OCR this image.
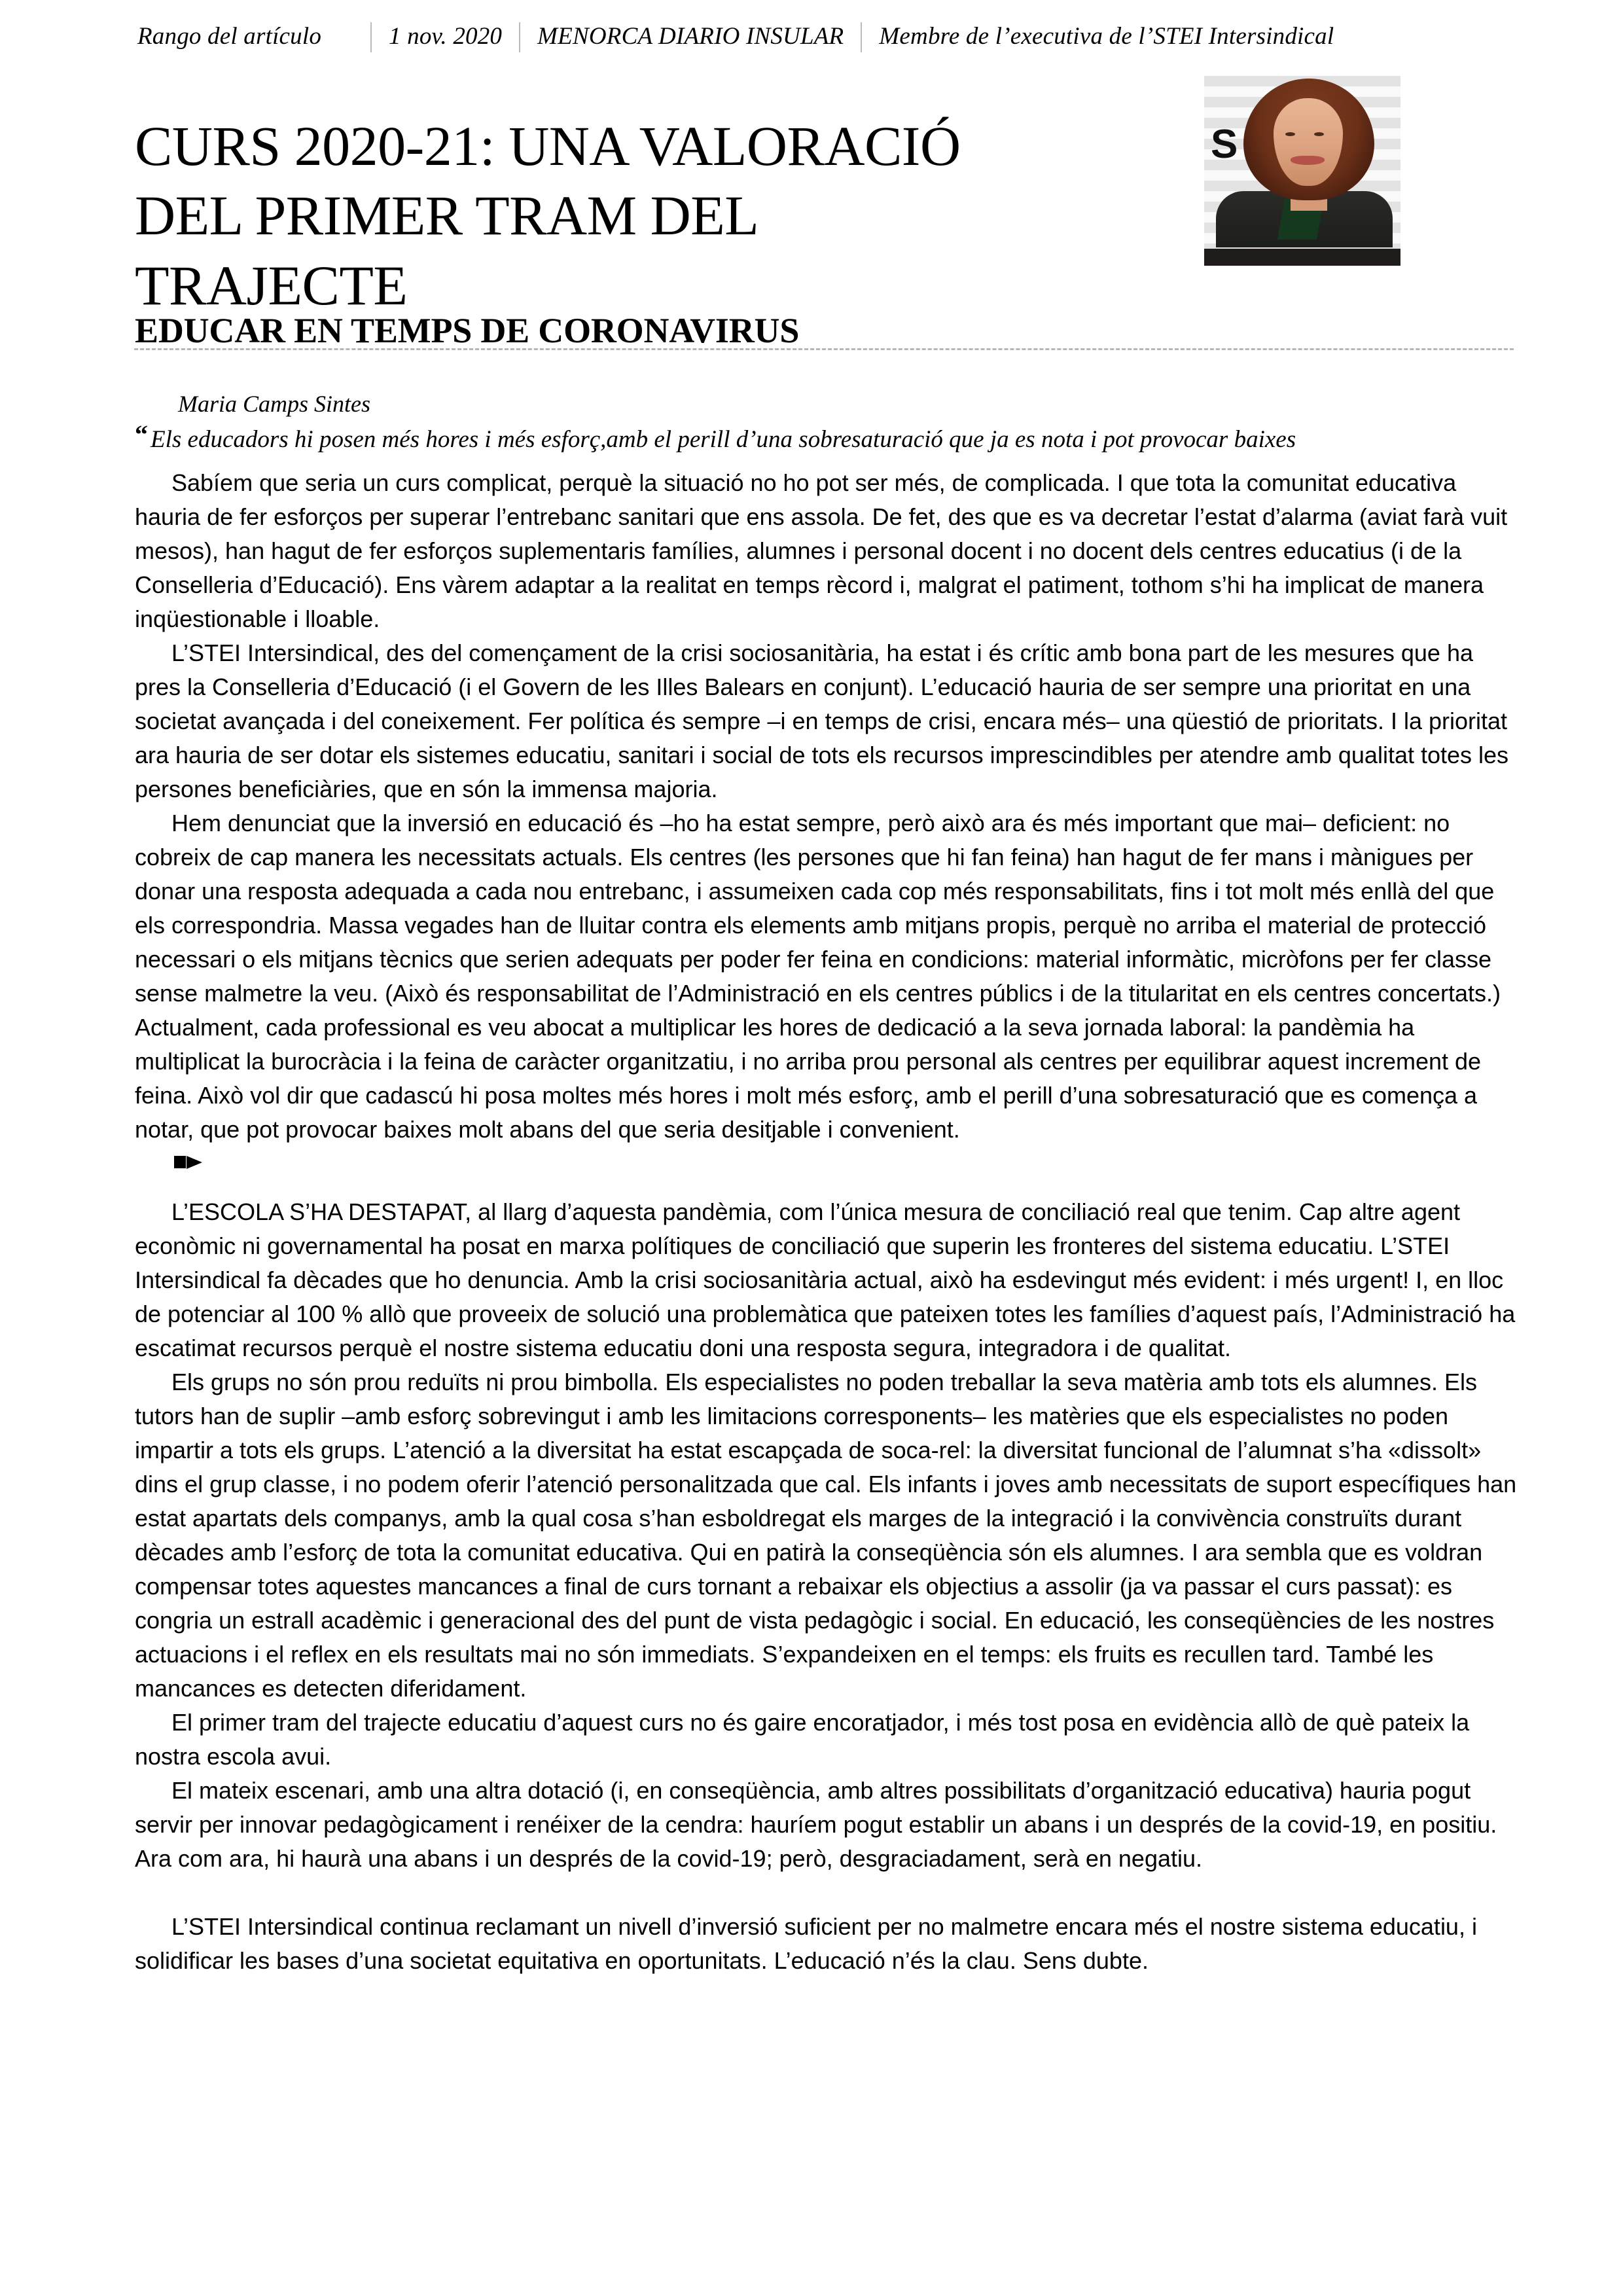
Rango del artículo	1 nov. 2020	MENORCA DIARIO INSULAR	Membre de l’executiva de l’STEI Intersindical
CURS 2020-21: UNA VALORACIÓ
DEL PRIMER TRAM DEL
TRAJECTE
S
EDUCAR EN TEMPS DE CORONAVIRUS
Maria Camps Sintes
“ Els educadors hi posen més hores i més esforç,amb el perill d’una sobresaturació que ja es nota i pot provocar baixes

Sabíem que seria un curs complicat, perquè la situació no ho pot ser més, de complicada. I que tota la comunitat educativa hauria de fer esforços per superar l’entrebanc sanitari que ens assola. De fet, des que es va decretar l’estat d’alarma (aviat farà vuit mesos), han hagut de fer esforços suplementaris famílies, alumnes i personal docent i no docent dels centres educatius (i de la Conselleria d’Educació). Ens vàrem adaptar a la realitat en temps rècord i, malgrat el patiment, tothom s’hi ha implicat de manera inqüestionable i lloable.

L’STEI Intersindical, des del començament de la crisi sociosanitària, ha estat i és crític amb bona part de les mesures que ha pres la Conselleria d’Educació (i el Govern de les Illes Balears en conjunt). L’educació hauria de ser sempre una prioritat en una societat avançada i del coneixement. Fer política és sempre –i en temps de crisi, encara més– una qüestió de prioritats. I la prioritat ara hauria de ser dotar els sistemes educatiu, sanitari i social de tots els recursos imprescindibles per atendre amb qualitat totes les persones beneficiàries, que en són la immensa majoria.

Hem denunciat que la inversió en educació és –ho ha estat sempre, però això ara és més important que mai– deficient: no cobreix de cap manera les necessitats actuals. Els centres (les persones que hi fan feina) han hagut de fer mans i mànigues per donar una resposta adequada a cada nou entrebanc, i assumeixen cada cop més responsabilitats, fins i tot molt més enllà del que els correspondria. Massa vegades han de lluitar contra els elements amb mitjans propis, perquè no arriba el material de protecció necessari o els mitjans tècnics que serien adequats per poder fer feina en condicions: material informàtic, micròfons per fer classe sense malmetre la veu. (Això és responsabilitat de l’Administració en els centres públics i de la titularitat en els centres concertats.) Actualment, cada professional es veu abocat a multiplicar les hores de dedicació a la seva jornada laboral: la pandèmia ha multiplicat la burocràcia i la feina de caràcter organitzatiu, i no arriba prou personal als centres per equilibrar aquest increment de feina. Això vol dir que cadascú hi posa moltes més hores i molt més esforç, amb el perill d’una sobresaturació que es comença a notar, que pot provocar baixes molt abans del que seria desitjable i convenient.

L’ESCOLA S’HA DESTAPAT, al llarg d’aquesta pandèmia, com l’única mesura de conciliació real que tenim. Cap altre agent econòmic ni governamental ha posat en marxa polítiques de conciliació que superin les fronteres del sistema educatiu. L’STEI Intersindical fa dècades que ho denuncia. Amb la crisi sociosanitària actual, això ha esdevingut més evident: i més urgent! I, en lloc de potenciar al 100 % allò que proveeix de solució una problemàtica que pateixen totes les famílies d’aquest país, l’Administració ha escatimat recursos perquè el nostre sistema educatiu doni una resposta segura, integradora i de qualitat.

Els grups no són prou reduïts ni prou bimbolla. Els especialistes no poden treballar la seva matèria amb tots els alumnes. Els tutors han de suplir –amb esforç sobrevingut i amb les limitacions corresponents– les matèries que els especialistes no poden impartir a tots els grups. L’atenció a la diversitat ha estat escapçada de soca-rel: la diversitat funcional de l’alumnat s’ha «dissolt» dins el grup classe, i no podem oferir l’atenció personalitzada que cal. Els infants i joves amb necessitats de suport específiques han estat apartats dels companys, amb la qual cosa s’han esboldregat els marges de la integració i la convivència construïts durant dècades amb l’esforç de tota la comunitat educativa. Qui en patirà la conseqüència són els alumnes. I ara sembla que es voldran compensar totes aquestes mancances a final de curs tornant a rebaixar els objectius a assolir (ja va passar el curs passat): es congria un estrall acadèmic i generacional des del punt de vista pedagògic i social. En educació, les conseqüències de les nostres actuacions i el reflex en els resultats mai no són immediats. S’expandeixen en el temps: els fruits es recullen tard. També les mancances es detecten diferidament.

El primer tram del trajecte educatiu d’aquest curs no és gaire encoratjador, i més tost posa en evidència allò de què pateix la nostra escola avui.

El mateix escenari, amb una altra dotació (i, en conseqüència, amb altres possibilitats d’organització educativa) hauria pogut servir per innovar pedagògicament i renéixer de la cendra: hauríem pogut establir un abans i un després de la covid-19, en positiu. Ara com ara, hi haurà una abans i un després de la covid-19; però, desgraciadament, serà en negatiu.

L’STEI Intersindical continua reclamant un nivell d’inversió suficient per no malmetre encara més el nostre sistema educatiu, i solidificar les bases d’una societat equitativa en oportunitats. L’educació n’és la clau. Sens dubte.
